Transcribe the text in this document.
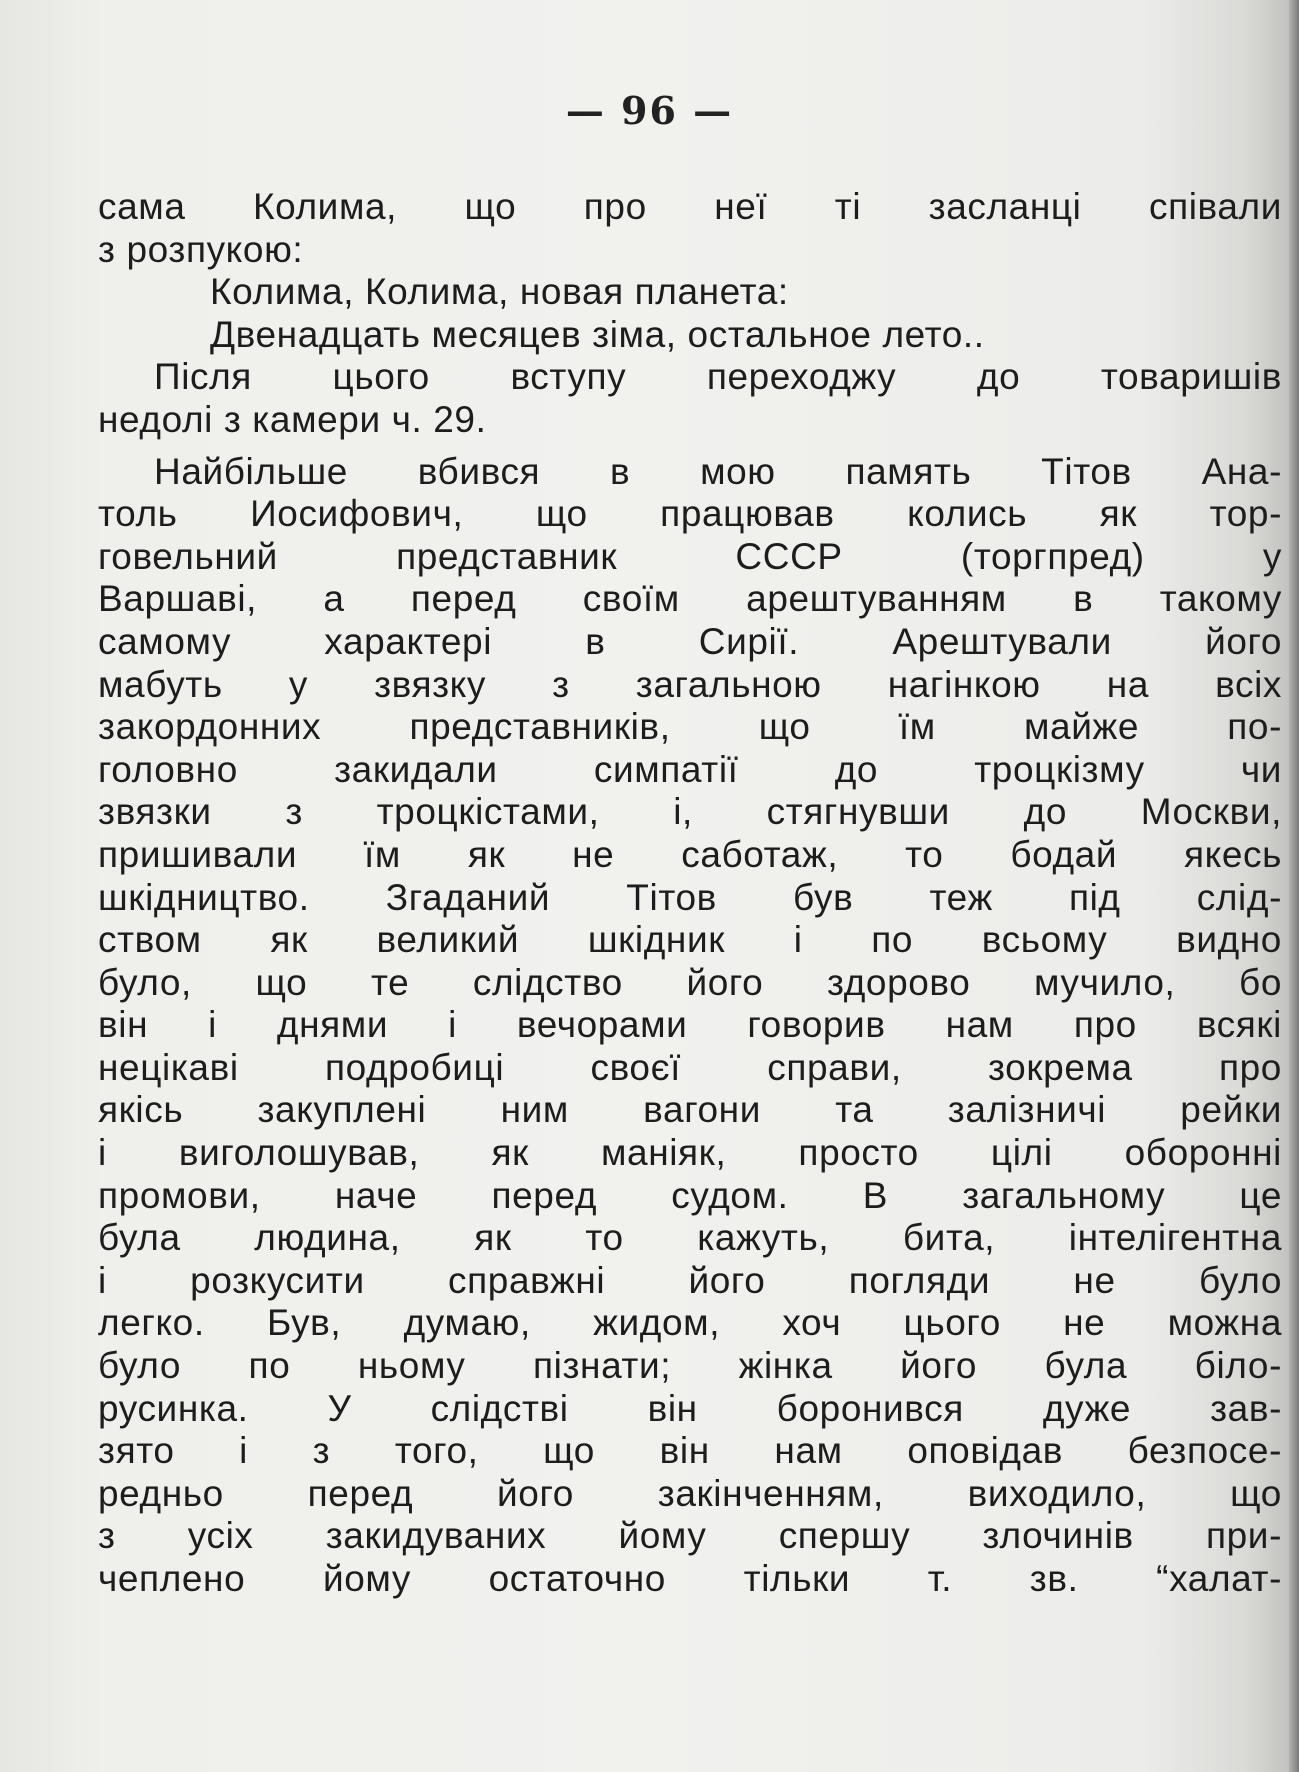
— 96 —
сама Колима, що про неї ті засланці співали
з розпукою:
Колима, Колима, новая планета:
Двенадцать месяцев зіма, остальное лето..
Після цього вступу переходжу до товаришів
недолі з камери ч. 29.
Найбільше вбився в мою память Тітов Ана-
толь Иосифович, що працював колись як тор-
говельний представник СССР (торгпред) у
Варшаві, а перед своїм арештуванням в такому
самому характері в Сирії. Арештували його
мабуть у звязку з загальною нагінкою на всіх
закордонних представників, що їм майже по-
головно закидали симпатії до троцкізму чи
звязки з троцкістами, і, стягнувши до Москви,
пришивали їм як не саботаж, то бодай якесь
шкідництво. Згаданий Тітов був теж під слід-
ством як великий шкідник і по всьому видно
було, що те слідство його здорово мучило, бо
він і днями і вечорами говорив нам про всякі
нецікаві подробиці своєї справи, зокрема про
якісь закуплені ним вагони та залізничі рейки
і виголошував, як маніяк, просто цілі оборонні
промови, наче перед судом. В загальному це
була людина, як то кажуть, бита, інтелігентна
і розкусити справжні його погляди не було
легко. Був, думаю, жидом, хоч цього не можна
було по ньому пізнати; жінка його була біло-
русинка. У слідстві він боронився дуже зав-
зято і з того, що він нам оповідав безпосе-
редньо перед його закінченням, виходило, що
з усіх закидуваних йому спершу злочинів при-
чеплено йому остаточно тільки т. зв. “халат-
